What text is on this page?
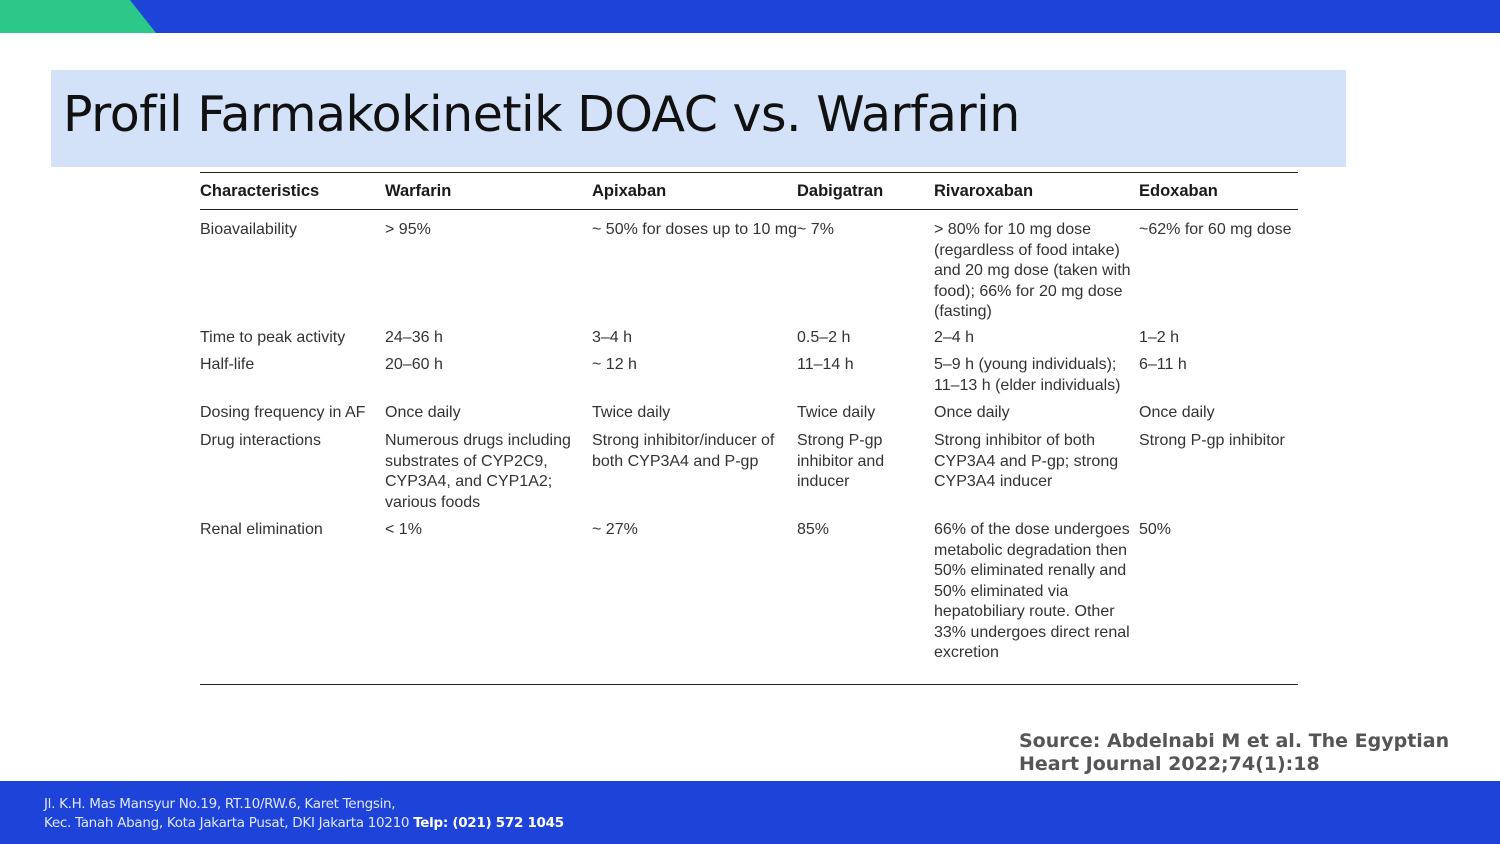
Profil Farmakokinetik DOAC vs. Warfarin
Characteristics	Warfarin	Apixaban	Dabigatran	Rivaroxaban	Edoxaban
Bioavailability	> 95%	~ 50% for doses up to 10 mg	~ 7%	> 80% for 10 mg dose (regardless of food intake) and 20 mg dose (taken with food); 66% for 20 mg dose (fasting)	~62% for 60 mg dose
Time to peak activity	24–36 h	3–4 h	0.5–2 h	2–4 h	1–2 h
Half-life	20–60 h	~ 12 h	11–14 h	5–9 h (young individuals); 11–13 h (elder individuals)	6–11 h
Dosing frequency in AF	Once daily	Twice daily	Twice daily	Once daily	Once daily
Drug interactions	Numerous drugs including substrates of CYP2C9, CYP3A4, and CYP1A2; various foods	Strong inhibitor/inducer of both CYP3A4 and P-gp	Strong P-gp inhibitor and inducer	Strong inhibitor of both CYP3A4 and P-gp; strong CYP3A4 inducer	Strong P-gp inhibitor
Renal elimination	< 1%	~ 27%	85%	66% of the dose undergoes metabolic degradation then 50% eliminated renally and 50% eliminated via hepatobiliary route. Other 33% undergoes direct renal excretion	50%
Source: Abdelnabi M et al. The Egyptian Heart Journal 2022;74(1):18
Jl. K.H. Mas Mansyur No.19, RT.10/RW.6, Karet Tengsin,
Kec. Tanah Abang, Kota Jakarta Pusat, DKI Jakarta 10210 Telp: (021) 572 1045
